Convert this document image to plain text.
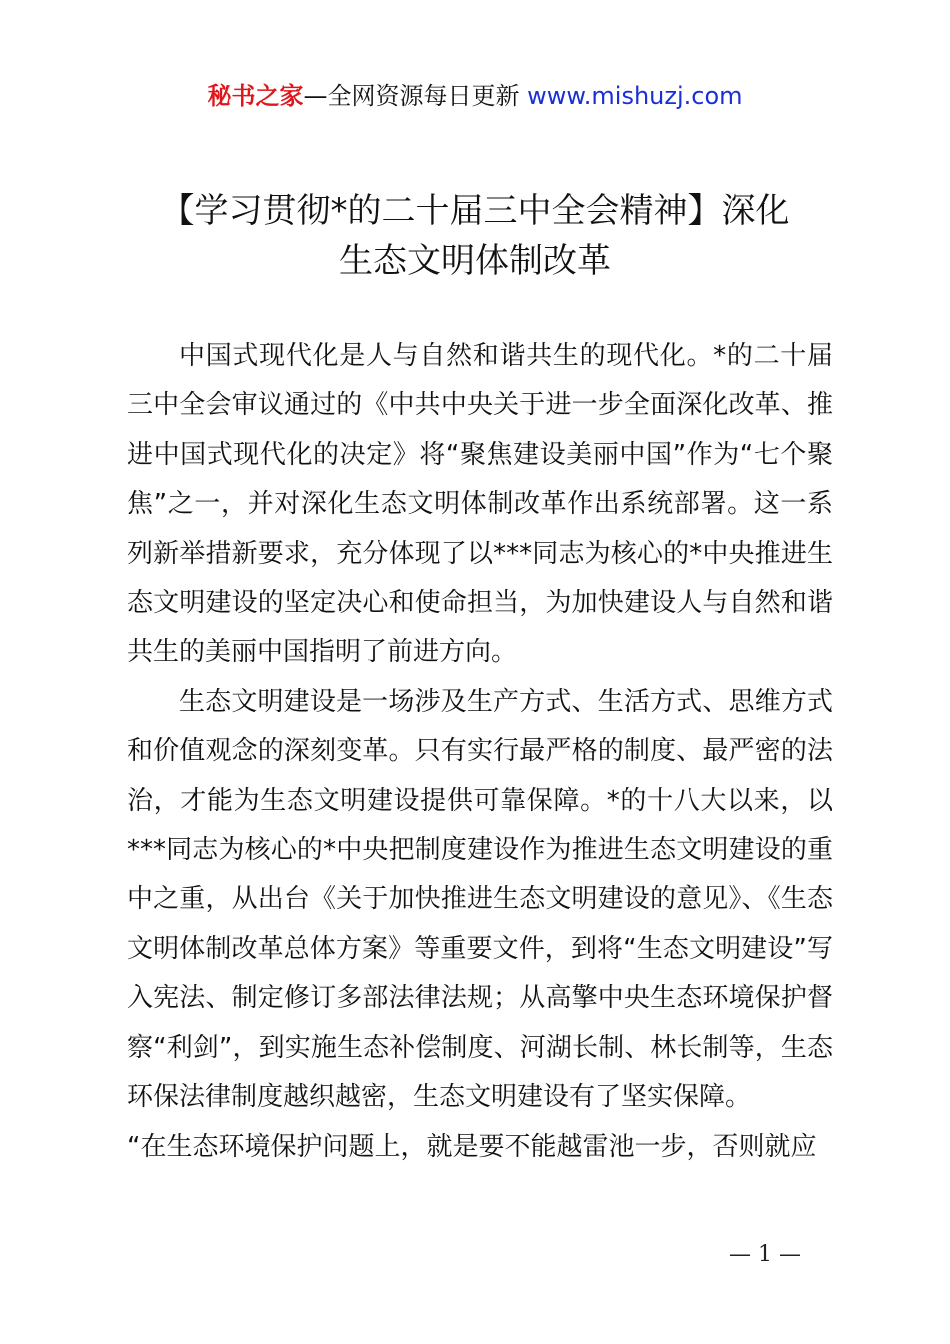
秘书之家—全网资源每日更新 www.mishuzj.com
【学习贯彻*的二十届三中全会精神】深化
生态文明体制改革

中国式现代化是人与自然和谐共生的现代化。*的二十届三中全会审议通过的《中共中央关于进一步全面深化改革、推进中国式现代化的决定》将“聚焦建设美丽中国”作为“七个聚焦”之一，并对深化生态文明体制改革作出系统部署。这一系列新举措新要求，充分体现了以***同志为核心的*中央推进生态文明建设的坚定决心和使命担当，为加快建设人与自然和谐共生的美丽中国指明了前进方向。

生态文明建设是一场涉及生产方式、生活方式、思维方式和价值观念的深刻变革。只有实行最严格的制度、最严密的法治，才能为生态文明建设提供可靠保障。*的十八大以来，以***同志为核心的*中央把制度建设作为推进生态文明建设的重中之重，从出台《关于加快推进生态文明建设的意见》、《生态文明体制改革总体方案》等重要文件，到将“生态文明建设”写入宪法、制定修订多部法律法规；从高擎中央生态环境保护督察“利剑”，到实施生态补偿制度、河湖长制、林长制等，生态环保法律制度越织越密，生态文明建设有了坚实保障。

“在生态环境保护问题上，就是要不能越雷池一步，否则就应

— 1 —
